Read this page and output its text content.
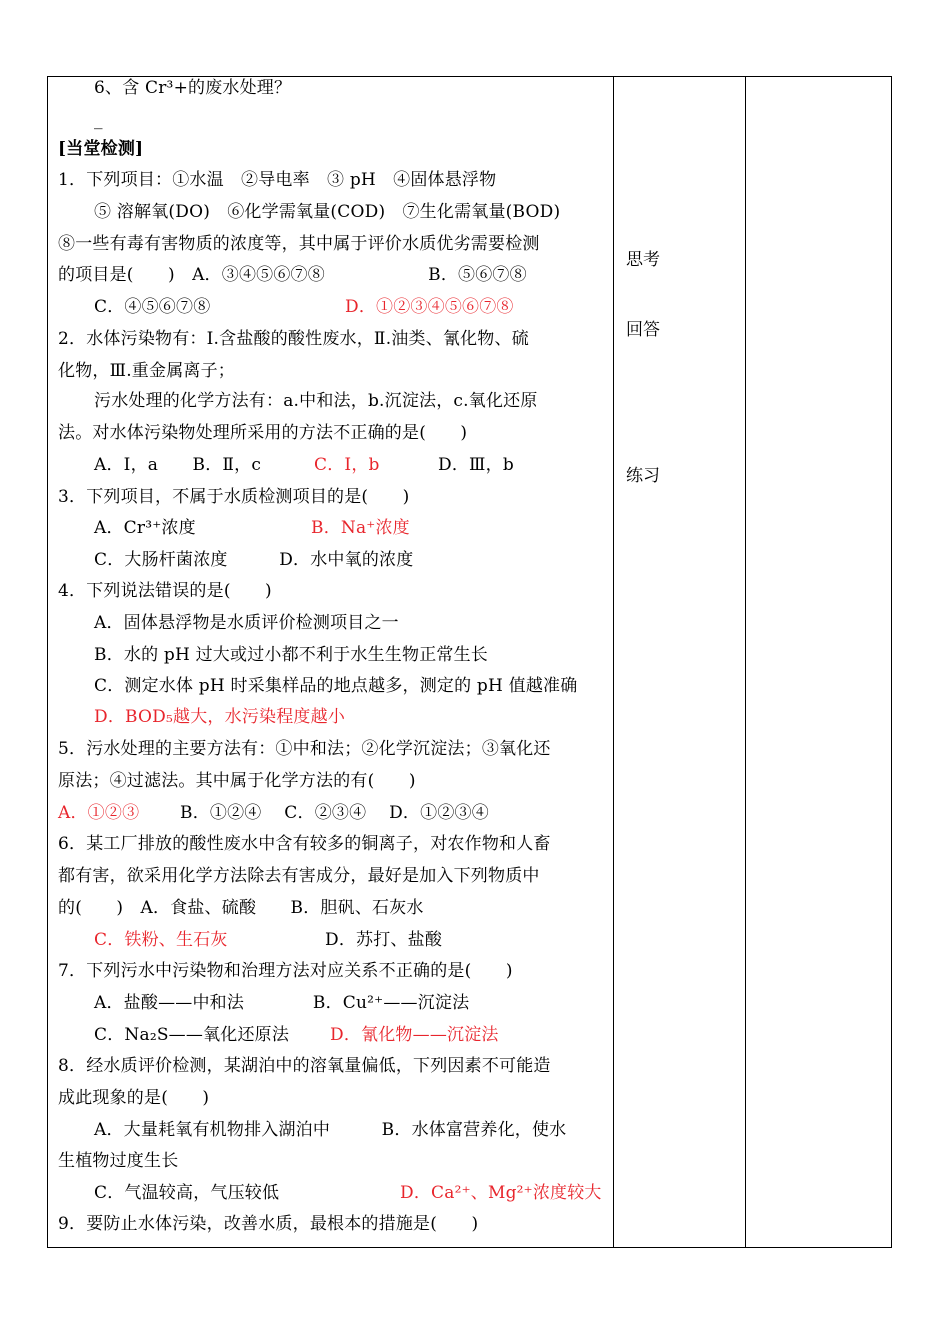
6、含 Cr³+的废水处理？
_
[当堂检测]
1．下列项目：①水温　②导电率　③ pH　④固体悬浮物
⑤ 溶解氧(DO)　⑥化学需氧量(COD)　⑦生化需氧量(BOD)
⑧一些有毒有害物质的浓度等，其中属于评价水质优劣需要检测
的项目是(　　)　A．③④⑤⑥⑦⑧　　　　　　B．⑤⑥⑦⑧
C．④⑤⑥⑦⑧	D．①②③④⑤⑥⑦⑧
2．水体污染物有：Ⅰ.含盐酸的酸性废水，Ⅱ.油类、氰化物、硫
化物，Ⅲ.重金属离子；
污水处理的化学方法有：a.中和法，b.沉淀法，c.氧化还原
法。对水体污染物处理所采用的方法不正确的是(　　)
A．Ⅰ，a　　B．Ⅱ，c	C．Ⅰ，b	D．Ⅲ，b
3．下列项目，不属于水质检测项目的是(　　)
A．Cr³⁺浓度	B．Na⁺浓度
C．大肠杆菌浓度　　　D．水中氧的浓度
4．下列说法错误的是(　　)
A．固体悬浮物是水质评价检测项目之一
B．水的 pH 过大或过小都不利于水生生物正常生长
C．测定水体 pH 时采集样品的地点越多，测定的 pH 值越准确
D．BOD₅越大，水污染程度越小
5．污水处理的主要方法有：①中和法；②化学沉淀法；③氧化还
原法；④过滤法。其中属于化学方法的有(　　)
A．①②③ B．①②④　 C．②③④　 D．①②③④
6．某工厂排放的酸性废水中含有较多的铜离子，对农作物和人畜
都有害，欲采用化学方法除去有害成分，最好是加入下列物质中
的(　　)　A．食盐、硫酸　　B．胆矾、石灰水
C．铁粉、生石灰	D．苏打、盐酸
7．下列污水中污染物和治理方法对应关系不正确的是(　　)
A．盐酸——中和法　　　　B．Cu²⁺——沉淀法
C．Na₂S——氧化还原法 D．氰化物——沉淀法
8．经水质评价检测，某湖泊中的溶氧量偏低，下列因素不可能造
成此现象的是(　　)
A．大量耗氧有机物排入湖泊中　　　B．水体富营养化，使水
生植物过度生长
C．气温较高，气压较低	D．Ca²⁺、Mg²⁺浓度较大
9．要防止水体污染，改善水质，最根本的措施是(　　)
思考
回答
练习
